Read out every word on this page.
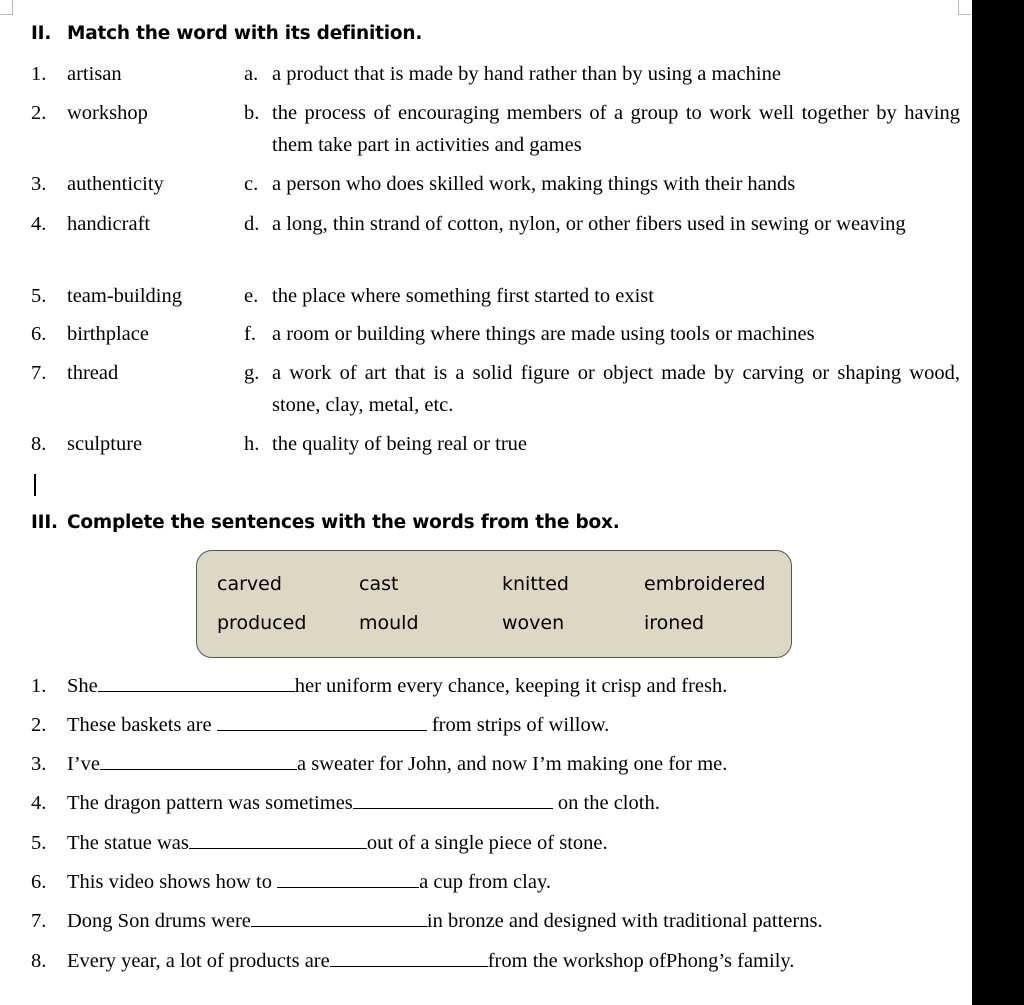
II. Match the word with its definition.
1. artisan	a. a product that is made by hand rather than by using a machine
2. workshop	b. the process of encouraging members of a group to work well together by having them take part in activities and games
3. authenticity	c. a person who does skilled work, making things with their hands
4. handicraft	d. a long, thin strand of cotton, nylon, or other fibers used in sewing or weaving
5. team-building	e. the place where something first started to exist
6. birthplace	f. a room or building where things are made using tools or machines
7. thread	g. a work of art that is a solid figure or object made by carving or shaping wood, stone, clay, metal, etc.
8. sculpture	h. the quality of being real or true
III. Complete the sentences with the words from the box.
carved	cast	knitted	embroidered
produced	mould	woven	ironed
1. She	her uniform every chance, keeping it crisp and fresh.
2. These baskets are	from strips of willow.
3. I’ve	a sweater for John, and now I’m making one for me.
4. The dragon pattern was sometimes	on the cloth.
5. The statue was	out of a single piece of stone.
6. This video shows how to	a cup from clay.
7. Dong Son drums were	in bronze and designed with traditional patterns.
8. Every year, a lot of products are	from the workshop ofPhong’s family.
